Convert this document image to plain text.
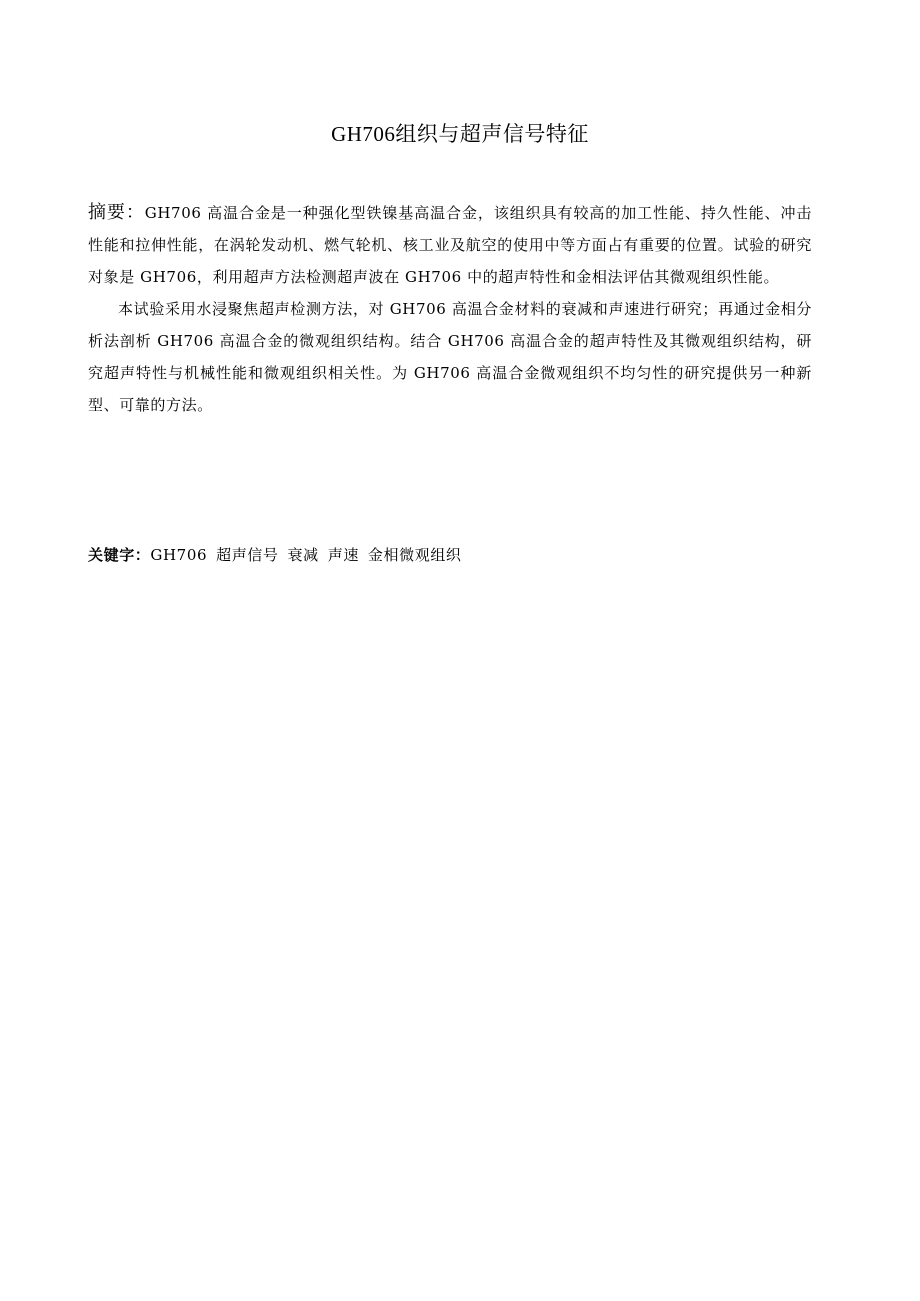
GH706组织与超声信号特征

摘要：GH706 高温合金是一种强化型铁镍基高温合金，该组织具有较高的加工性能、持久性能、冲击性能和拉伸性能，在涡轮发动机、燃气轮机、核工业及航空的使用中等方面占有重要的位置。试验的研究对象是 GH706，利用超声方法检测超声波在 GH706 中的超声特性和金相法评估其微观组织性能。

本试验采用水浸聚焦超声检测方法，对 GH706 高温合金材料的衰减和声速进行研究；再通过金相分析法剖析 GH706 高温合金的微观组织结构。结合 GH706 高温合金的超声特性及其微观组织结构，研究超声特性与机械性能和微观组织相关性。为 GH706 高温合金微观组织不均匀性的研究提供另一种新型、可靠的方法。

关键字：GH706 超声信号 衰减 声速 金相微观组织
